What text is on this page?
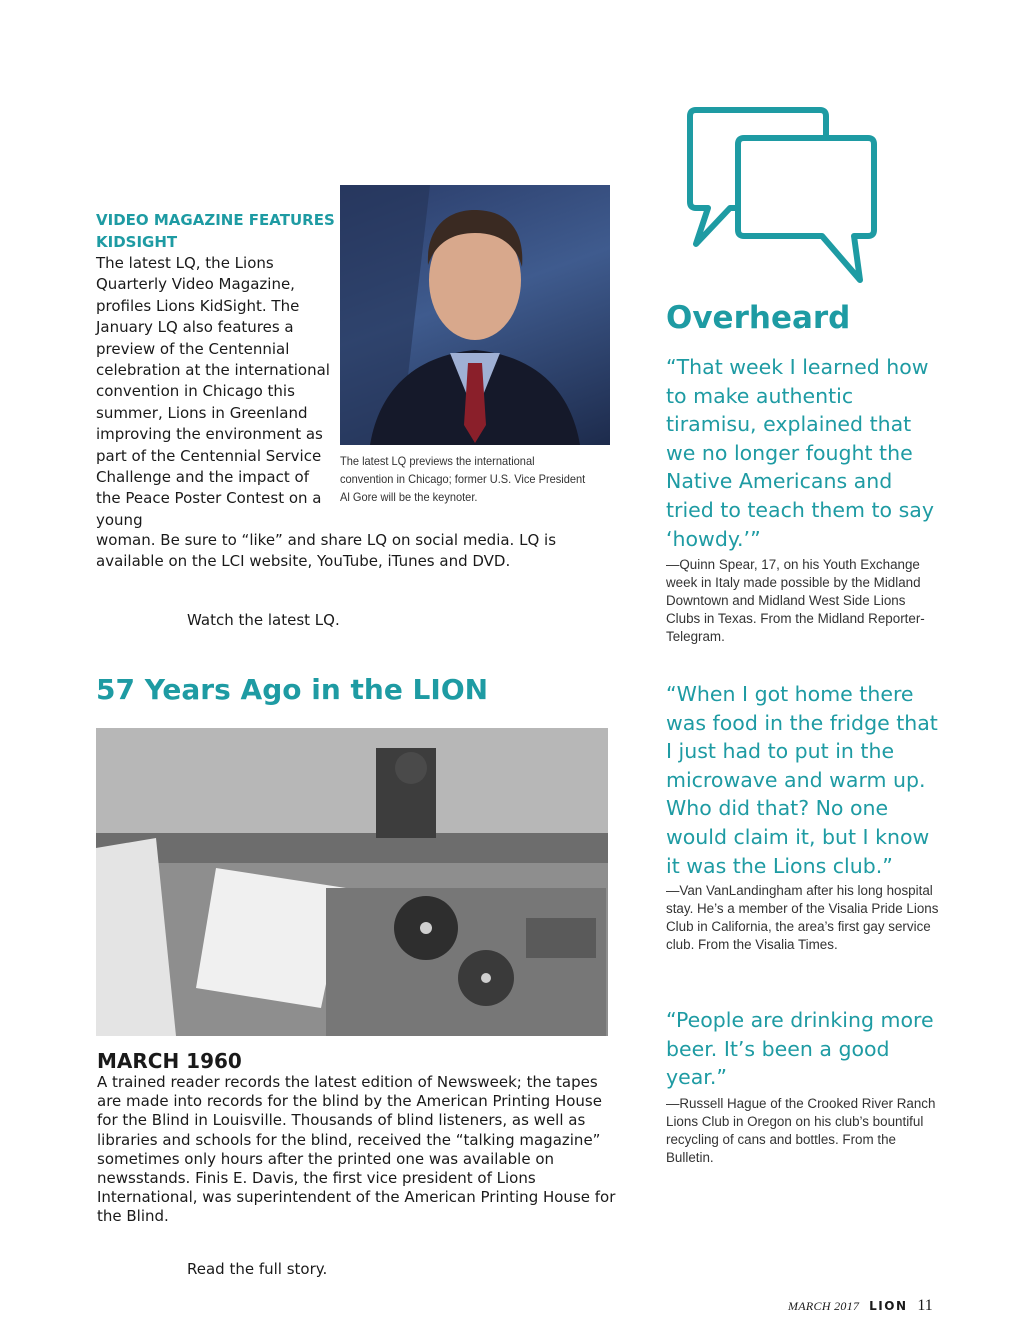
VIDEO MAGAZINE FEATURES KIDSIGHT
The latest LQ, the Lions Quarterly Video Magazine, profiles Lions KidSight. The January LQ also features a preview of the Centennial celebration at the international convention in Chicago this summer, Lions in Greenland improving the environment as part of the Centennial Service Challenge and the impact of the Peace Poster Contest on a young
woman. Be sure to “like” and share LQ on social media. LQ is available on the LCI website, YouTube, iTunes and DVD.
The latest LQ previews the international convention in Chicago; former U.S. Vice President Al Gore will be the keynoter.
Watch the latest LQ.
57 Years Ago in the LION
MARCH 1960
A trained reader records the latest edition of Newsweek; the tapes are made into records for the blind by the American Printing House for the Blind in Louisville. Thousands of blind listeners, as well as libraries and schools for the blind, received the “talking magazine” sometimes only hours after the printed one was available on newsstands. Finis E. Davis, the first vice president of Lions International, was superintendent of the American Printing House for the Blind.
Read the full story.
Overheard
“That week I learned how to make authentic tiramisu, explained that we no longer fought the Native Americans and tried to teach them to say ‘howdy.’”
—Quinn Spear, 17, on his Youth Exchange week in Italy made possible by the Midland Downtown and Midland West Side Lions Clubs in Texas. From the Midland Reporter-Telegram.
“When I got home there was food in the fridge that I just had to put in the microwave and warm up. Who did that? No one would claim it, but I know it was the Lions club.”
—Van VanLandingham after his long hospital stay. He’s a member of the Visalia Pride Lions Club in California, the area’s first gay service club. From the Visalia Times.
“People are drinking more beer. It’s been a good year.”
—Russell Hague of the Crooked River Ranch Lions Club in Oregon on his club’s bountiful recycling of cans and bottles. From the Bulletin.
MARCH 2017 LION 11
